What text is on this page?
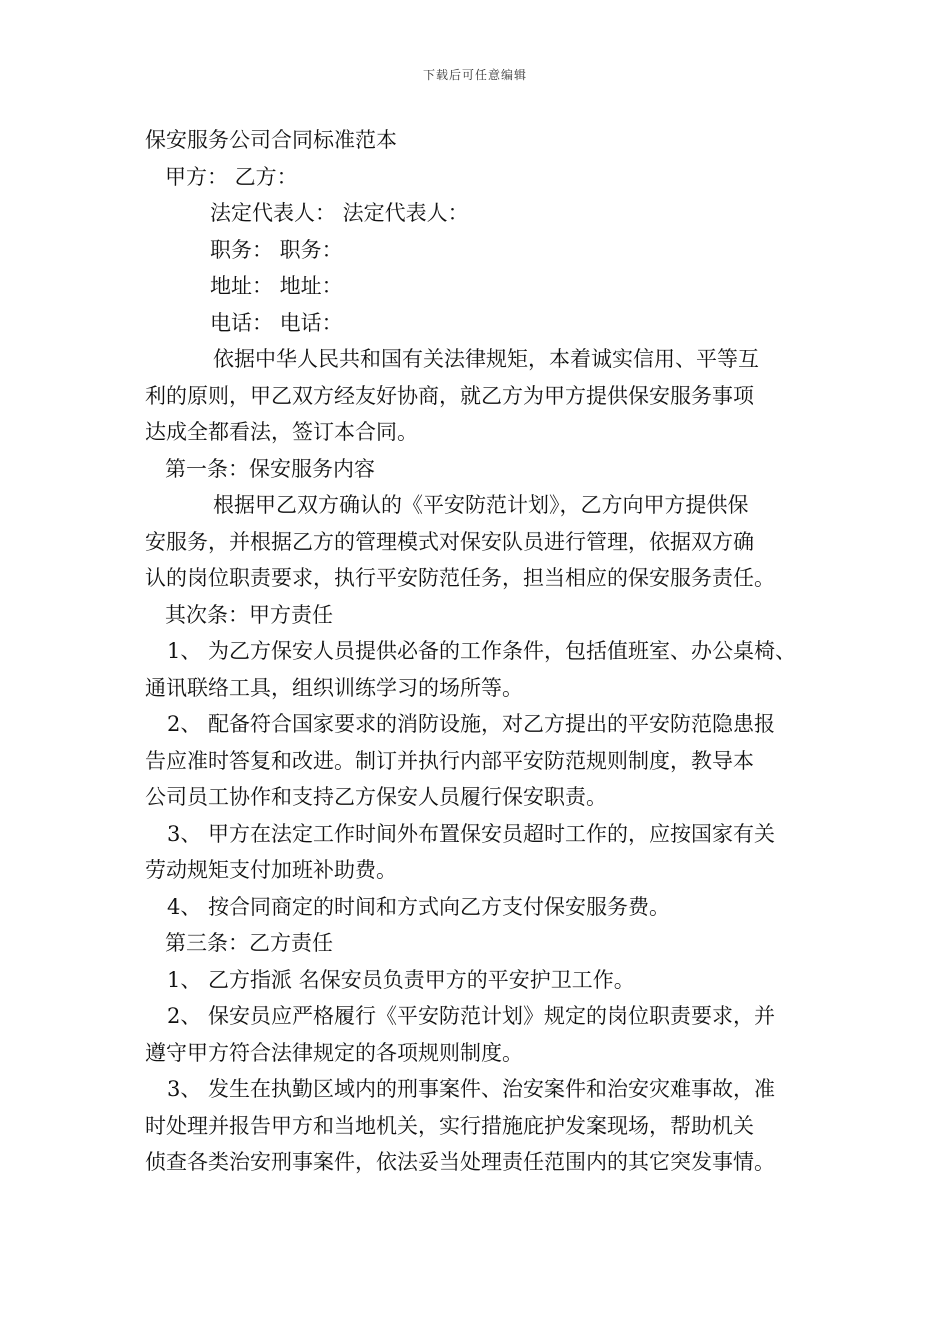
下载后可任意编辑
保安服务公司合同标准范本
甲方： 乙方：
法定代表人： 法定代表人：
职务： 职务：
地址： 地址：
电话： 电话：
依据中华人民共和国有关法律规矩，本着诚实信用、平等互
利的原则，甲乙双方经友好协商，就乙方为甲方提供保安服务事项
达成全都看法，签订本合同。
第一条：保安服务内容
根据甲乙双方确认的《平安防范计划》，乙方向甲方提供保
安服务，并根据乙方的管理模式对保安队员进行管理，依据双方确
认的岗位职责要求，执行平安防范任务，担当相应的保安服务责任。
其次条：甲方责任
1、 为乙方保安人员提供必备的工作条件，包括值班室、办公桌椅、
通讯联络工具，组织训练学习的场所等。
2、 配备符合国家要求的消防设施，对乙方提出的平安防范隐患报
告应准时答复和改进。制订并执行内部平安防范规则制度，教导本
公司员工协作和支持乙方保安人员履行保安职责。
3、 甲方在法定工作时间外布置保安员超时工作的，应按国家有关
劳动规矩支付加班补助费。
4、 按合同商定的时间和方式向乙方支付保安服务费。
第三条：乙方责任
1、 乙方指派 名保安员负责甲方的平安护卫工作。
2、 保安员应严格履行《平安防范计划》规定的岗位职责要求，并
遵守甲方符合法律规定的各项规则制度。
3、 发生在执勤区域内的刑事案件、治安案件和治安灾难事故，准
时处理并报告甲方和当地机关，实行措施庇护发案现场，帮助机关
侦查各类治安刑事案件，依法妥当处理责任范围内的其它突发事情。
